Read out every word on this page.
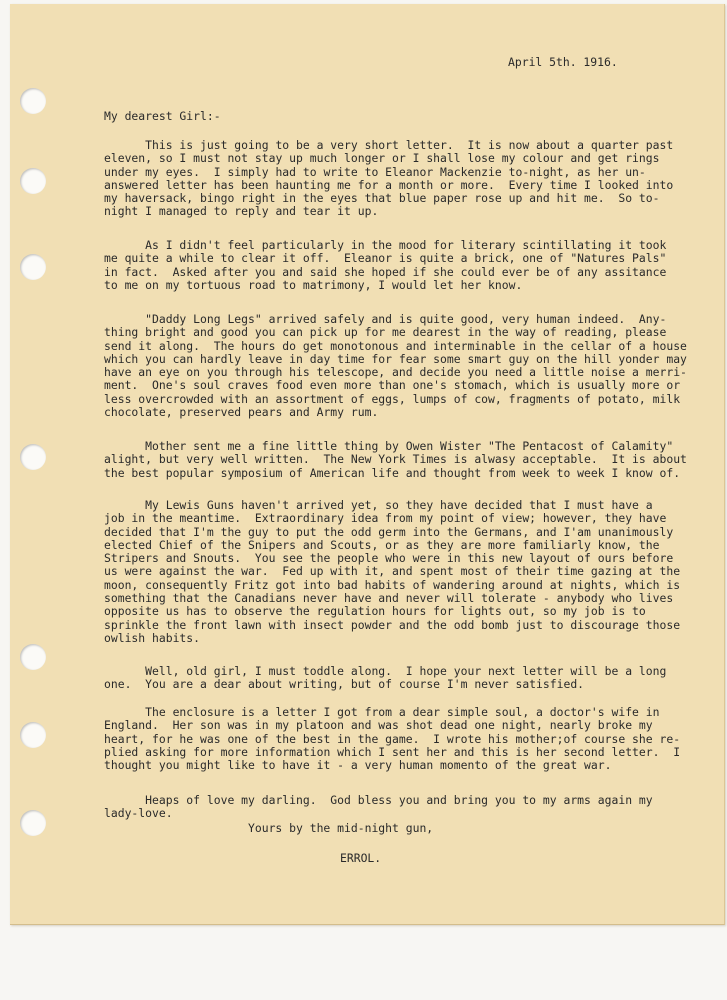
April 5th. 1916.
My dearest Girl:-
This is just going to be a very short letter.  It is now about a quarter past
eleven, so I must not stay up much longer or I shall lose my colour and get rings
under my eyes.  I simply had to write to Eleanor Mackenzie to-night, as her un-
answered letter has been haunting me for a month or more.  Every time I looked into
my haversack, bingo right in the eyes that blue paper rose up and hit me.  So to-
night I managed to reply and tear it up.
As I didn't feel particularly in the mood for literary scintillating it took
me quite a while to clear it off.  Eleanor is quite a brick, one of "Natures Pals"
in fact.  Asked after you and said she hoped if she could ever be of any assitance
to me on my tortuous road to matrimony, I would let her know.
"Daddy Long Legs" arrived safely and is quite good, very human indeed.  Any-
thing bright and good you can pick up for me dearest in the way of reading, please
send it along.  The hours do get monotonous and interminable in the cellar of a house
which you can hardly leave in day time for fear some smart guy on the hill yonder may
have an eye on you through his telescope, and decide you need a little noise a merri-
ment.  One's soul craves food even more than one's stomach, which is usually more or
less overcrowded with an assortment of eggs, lumps of cow, fragments of potato, milk
chocolate, preserved pears and Army rum.
Mother sent me a fine little thing by Owen Wister "The Pentacost of Calamity"
alight, but very well written.  The New York Times is alwasy acceptable.  It is about
the best popular symposium of American life and thought from week to week I know of.
My Lewis Guns haven't arrived yet, so they have decided that I must have a
job in the meantime.  Extraordinary idea from my point of view; however, they have
decided that I'm the guy to put the odd germ into the Germans, and I'am unanimously
elected Chief of the Snipers and Scouts, or as they are more familiarly know, the
Stripers and Snouts.  You see the people who were in this new layout of ours before
us were against the war.  Fed up with it, and spent most of their time gazing at the
moon, consequently Fritz got into bad habits of wandering around at nights, which is
something that the Canadians never have and never will tolerate - anybody who lives
opposite us has to observe the regulation hours for lights out, so my job is to
sprinkle the front lawn with insect powder and the odd bomb just to discourage those
owlish habits.
Well, old girl, I must toddle along.  I hope your next letter will be a long
one.  You are a dear about writing, but of course I'm never satisfied.
The enclosure is a letter I got from a dear simple soul, a doctor's wife in
England.  Her son was in my platoon and was shot dead one night, nearly broke my
heart, for he was one of the best in the game.  I wrote his mother;of course she re-
plied asking for more information which I sent her and this is her second letter.  I
thought you might like to have it - a very human momento of the great war.
Heaps of love my darling.  God bless you and bring you to my arms again my
lady-love.
Yours by the mid-night gun,
ERROL.
